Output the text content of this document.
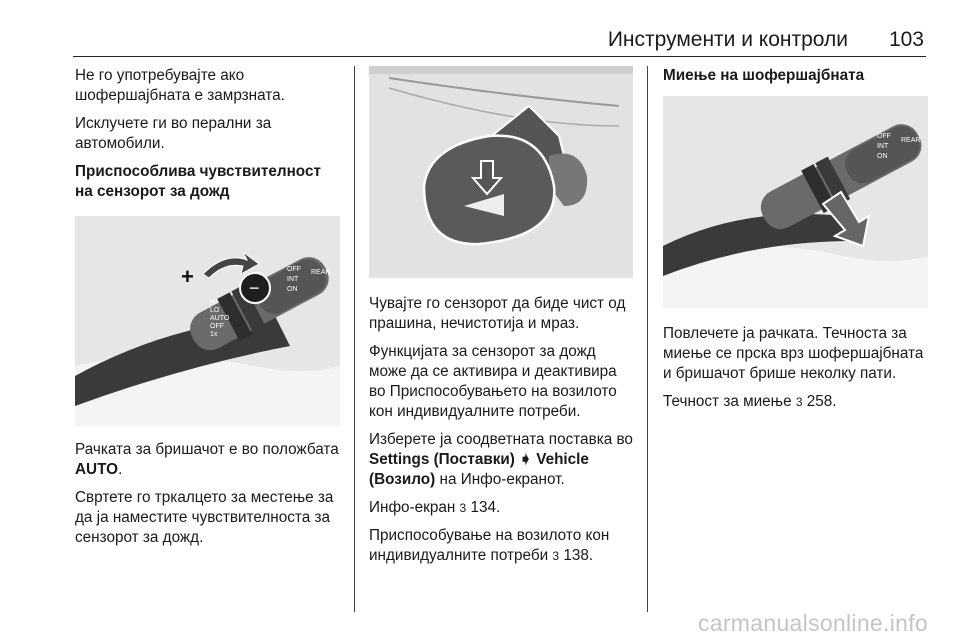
Инструменти и контроли 103

Не го употребувајте ако шофершајбната е замрзната.

Исклучете ги во перални за автомобили.

Приспособлива чувствителност на сензорот за дожд
−
+	OFF
INT
ON
HI
LO
AUTO
OFF
1x
REAR

Рачката за бришачот е во положбата AUTO.

Свртете го тркалцето за местење за да ја наместите чувствителноста за сензорот за дожд.

Чувајте го сензорот да биде чист од прашина, нечистотија и мраз.

Функцијата за сензорот за дожд може да се активира и деактивира во Приспособувањето на возилото кон индивидуалните потреби.

Изберете ја соодветната поставка во Settings (Поставки) ➧ Vehicle (Возило) на Инфо-екранот.

Инфо-екран 3 134.

Приспособување на возилото кон индивидуалните потреби 3 138.

Миење на шофершајбната
OFF
INT
ON
REAR

Повлечете ја рачката. Течноста за миење се прска врз шофершајбната и бришачот брише неколку пати.

Течност за миење 3 258.

carmanualsonline.info
